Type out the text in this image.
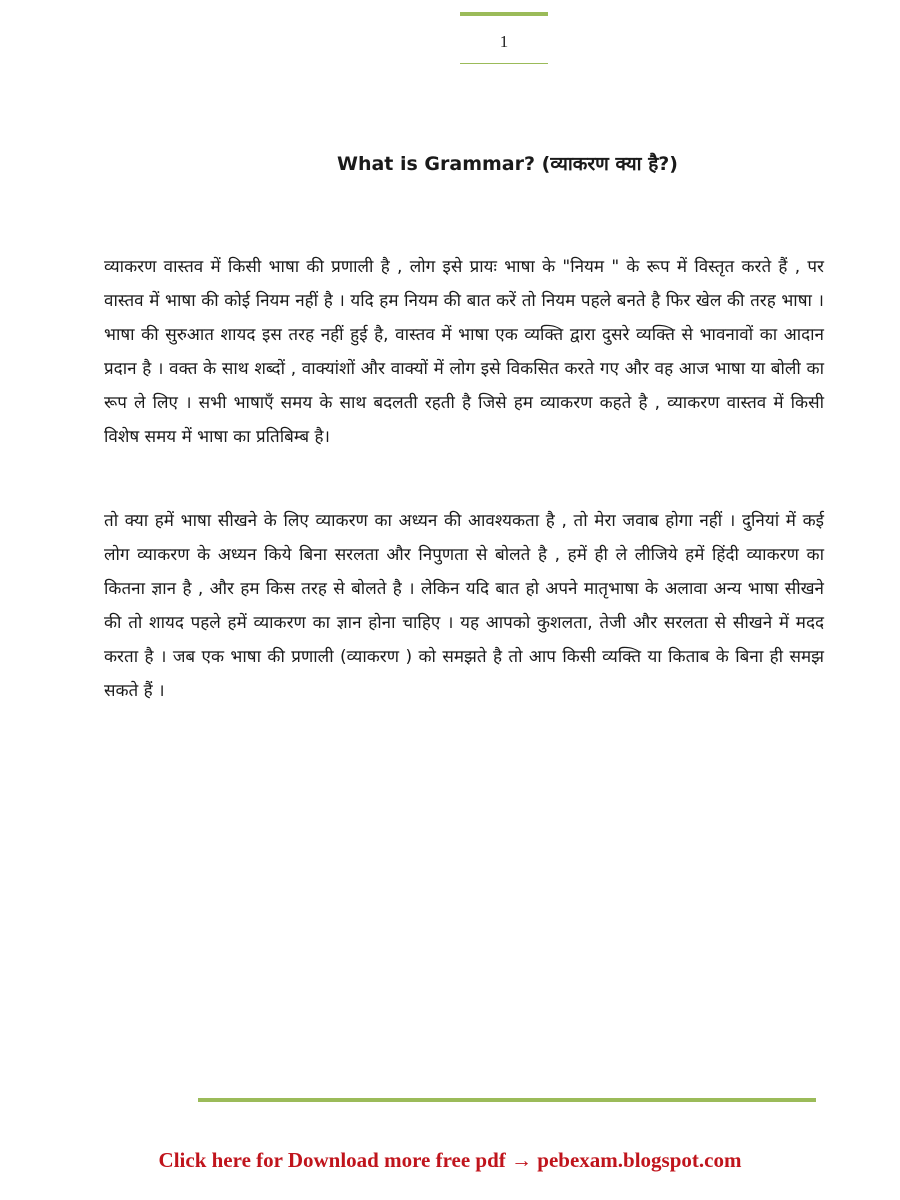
1
What is Grammar? (व्याकरण क्या है?)

व्याकरण वास्तव में किसी भाषा की प्रणाली है , लोग इसे प्रायः भाषा के "नियम " के रूप में विस्तृत करते हैं , पर वास्तव में भाषा की कोई नियम नहीं है । यदि हम नियम की बात करें तो नियम पहले बनते है फिर खेल की तरह भाषा । भाषा की सुरुआत शायद इस तरह नहीं हुई है, वास्तव में भाषा एक व्यक्ति द्वारा दुसरे व्यक्ति से भावनावों का आदान प्रदान है । वक्त के साथ शब्दों , वाक्यांशों और वाक्यों में लोग इसे विकसित करते गए और वह आज भाषा या बोली का रूप ले लिए । सभी भाषाएँ समय के साथ बदलती रहती है जिसे हम व्याकरण कहते है , व्याकरण वास्तव में किसी विशेष समय में भाषा का प्रतिबिम्ब है।

तो क्या हमें भाषा सीखने के लिए व्याकरण का अध्यन की आवश्यकता है , तो मेरा जवाब होगा नहीं । दुनियां में कई लोग व्याकरण के अध्यन किये बिना सरलता और निपुणता से बोलते है , हमें ही ले लीजिये हमें हिंदी व्याकरण का कितना ज्ञान है , और हम किस तरह से बोलते है । लेकिन यदि बात हो अपने मातृभाषा के अलावा अन्य भाषा सीखने की तो शायद पहले हमें व्याकरण का ज्ञान होना चाहिए । यह आपको कुशलता, तेजी और सरलता से सीखने में मदद करता है । जब एक भाषा की प्रणाली (व्याकरण ) को समझते है तो आप किसी व्यक्ति या किताब के बिना ही समझ सकते हैं ।

Click here for Download more free pdf → pebexam.blogspot.com
